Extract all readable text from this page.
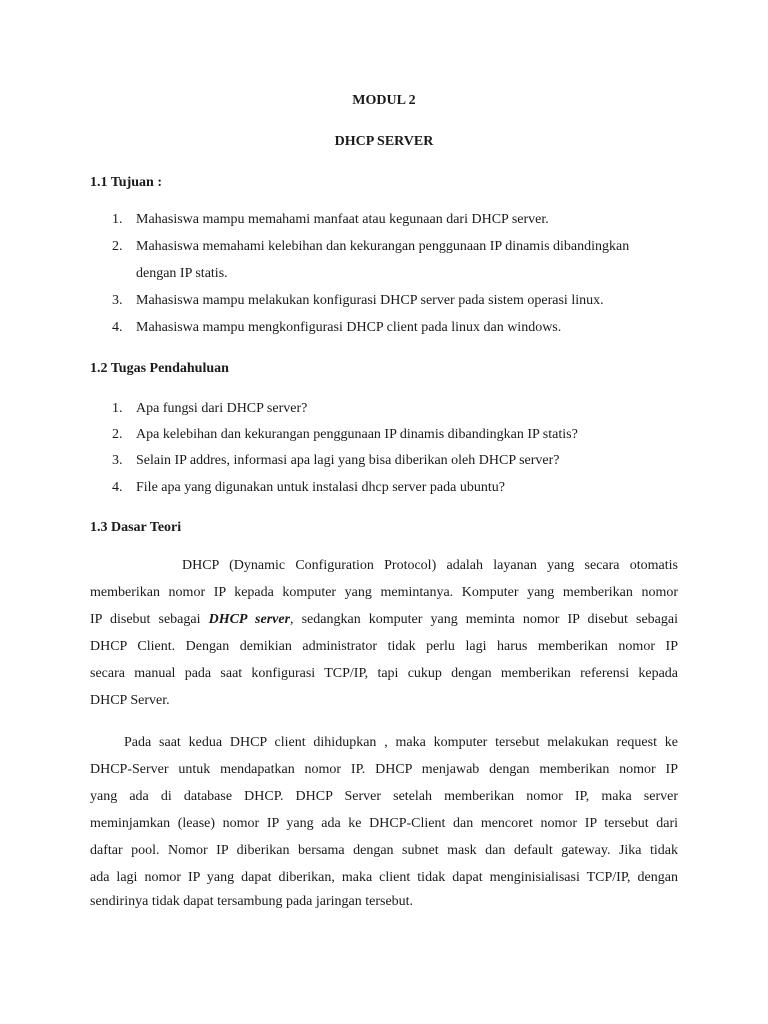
MODUL 2
DHCP SERVER
1.1 Tujuan :
1. Mahasiswa mampu memahami manfaat atau kegunaan dari DHCP server.
2. Mahasiswa memahami kelebihan dan kekurangan penggunaan IP dinamis dibandingkan
dengan IP statis.
3. Mahasiswa mampu melakukan konfigurasi DHCP server pada sistem operasi linux.
4. Mahasiswa mampu mengkonfigurasi DHCP client pada linux dan windows.
1.2 Tugas Pendahuluan
1. Apa fungsi dari DHCP server?
2. Apa kelebihan dan kekurangan penggunaan IP dinamis dibandingkan IP statis?
3. Selain IP addres, informasi apa lagi yang bisa diberikan oleh DHCP server?
4. File apa yang digunakan untuk instalasi dhcp server pada ubuntu?
1.3 Dasar Teori
DHCP (Dynamic Configuration Protocol) adalah layanan yang secara otomatis
memberikan nomor IP kepada komputer yang memintanya. Komputer yang memberikan nomor
IP disebut sebagai DHCP server, sedangkan komputer yang meminta nomor IP disebut sebagai
DHCP Client. Dengan demikian administrator tidak perlu lagi harus memberikan nomor IP
secara manual pada saat konfigurasi TCP/IP, tapi cukup dengan memberikan referensi kepada
DHCP Server.
Pada saat kedua DHCP client dihidupkan , maka komputer tersebut melakukan request ke
DHCP-Server untuk mendapatkan nomor IP. DHCP menjawab dengan memberikan nomor IP
yang ada di database DHCP. DHCP Server setelah memberikan nomor IP, maka server
meminjamkan (lease) nomor IP yang ada ke DHCP-Client dan mencoret nomor IP tersebut dari
daftar pool. Nomor IP diberikan bersama dengan subnet mask dan default gateway. Jika tidak
ada lagi nomor IP yang dapat diberikan, maka client tidak dapat menginisialisasi TCP/IP, dengan
sendirinya tidak dapat tersambung pada jaringan tersebut.
